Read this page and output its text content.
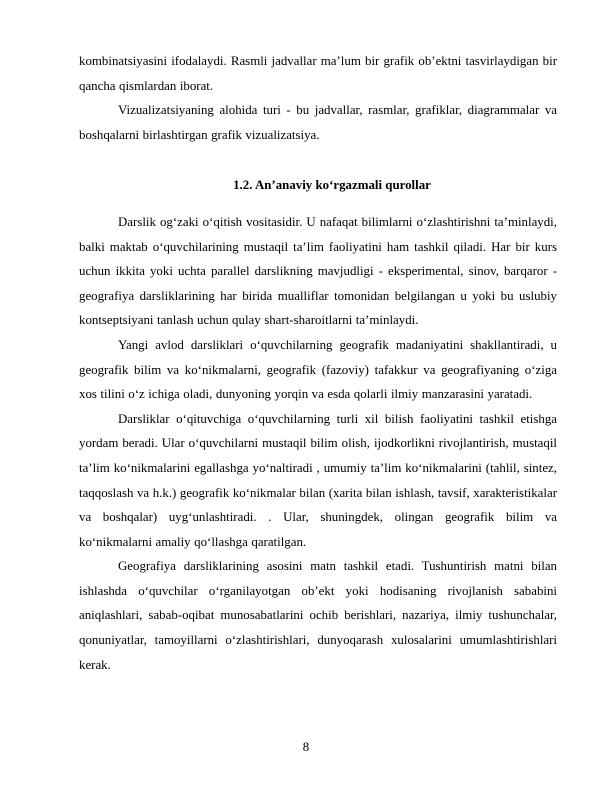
kombinatsiyasini ifodalaydi. Rasmli jadvallar ma’lum bir grafik ob’ektni tasvirlaydigan bir qancha qismlardan iborat.

Vizualizatsiyaning alohida turi - bu jadvallar, rasmlar, grafiklar, diagrammalar va boshqalarni birlashtirgan grafik vizualizatsiya.

1.2. An’anaviy ko‘rgazmali qurollar

Darslik og‘zaki o‘qitish vositasidir. U nafaqat bilimlarni o‘zlashtirishni ta’minlaydi, balki maktab o‘quvchilarining mustaqil ta’lim faoliyatini ham tashkil qiladi. Har bir kurs uchun ikkita yoki uchta parallel darslikning mavjudligi - eksperimental, sinov, barqaror - geografiya darsliklarining har birida mualliflar tomonidan belgilangan u yoki bu uslubiy kontseptsiyani tanlash uchun qulay shart-sharoitlarni ta’minlaydi.

Yangi avlod darsliklari o‘quvchilarning geografik madaniyatini shakllantiradi, u geografik bilim va ko‘nikmalarni, geografik (fazoviy) tafakkur va geografiyaning o‘ziga xos tilini o‘z ichiga oladi, dunyoning yorqin va esda qolarli ilmiy manzarasini yaratadi.

Darsliklar o‘qituvchiga o‘quvchilarning turli xil bilish faoliyatini tashkil etishga yordam beradi. Ular o‘quvchilarni mustaqil bilim olish, ijodkorlikni rivojlantirish, mustaqil ta’lim ko‘nikmalarini egallashga yo‘naltiradi , umumiy ta’lim ko‘nikmalarini (tahlil, sintez, taqqoslash va h.k.) geografik ko‘nikmalar bilan (xarita bilan ishlash, tavsif, xarakteristikalar va boshqalar) uyg‘unlashtiradi. . Ular, shuningdek, olingan geografik bilim va ko‘nikmalarni amaliy qo‘llashga qaratilgan.

Geografiya darsliklarining asosini matn tashkil etadi. Tushuntirish matni bilan ishlashda o‘quvchilar o‘rganilayotgan ob’ekt yoki hodisaning rivojlanish sababini aniqlashlari, sabab-oqibat munosabatlarini ochib berishlari, nazariya, ilmiy tushunchalar, qonuniyatlar, tamoyillarni o‘zlashtirishlari, dunyoqarash xulosalarini umumlashtirishlari kerak.

8
